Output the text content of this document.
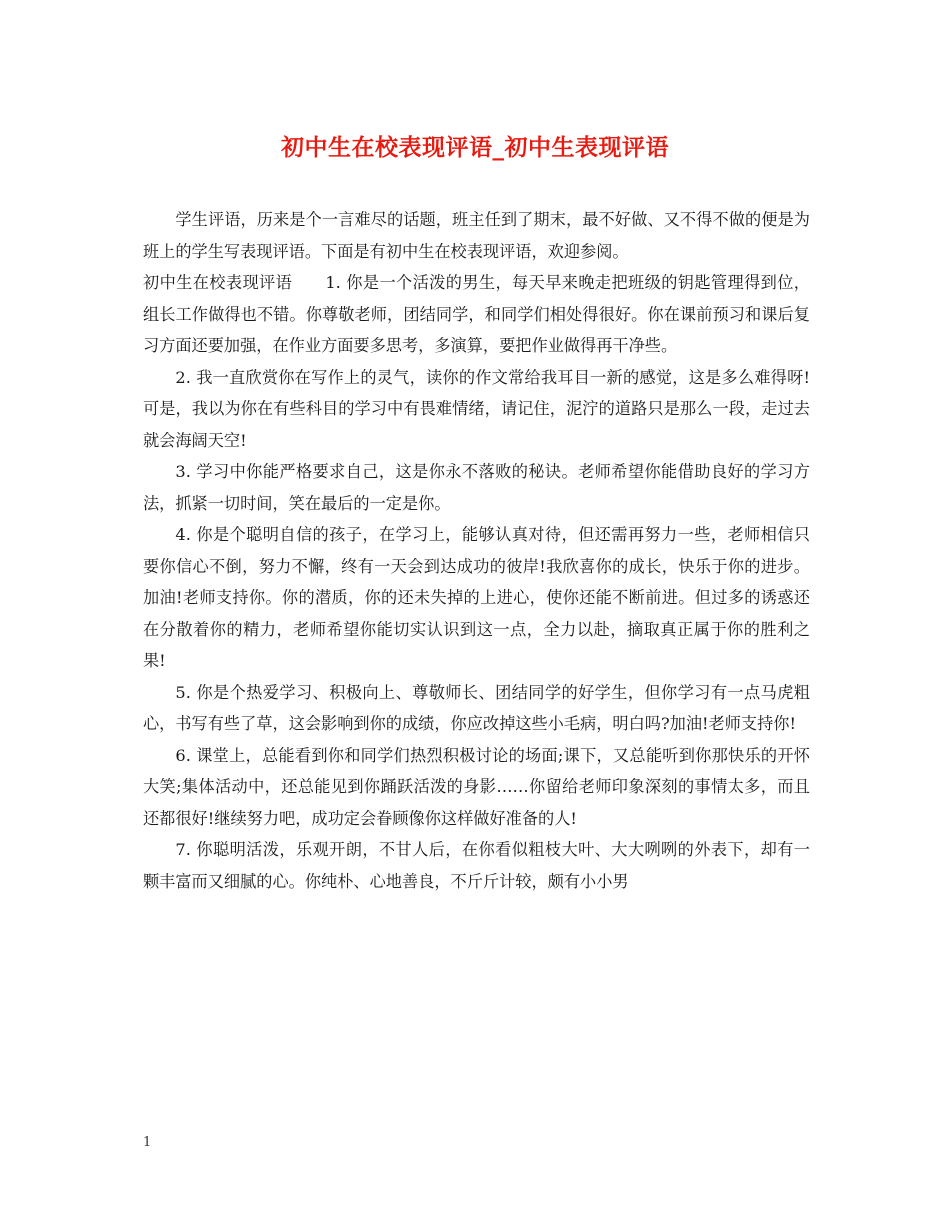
初中生在校表现评语_初中生表现评语

学生评语，历来是个一言难尽的话题，班主任到了期末，最不好做、又不得不做的便是为班上的学生写表现评语。下面是有初中生在校表现评语，欢迎参阅。

初中生在校表现评语　　1. 你是一个活泼的男生，每天早来晚走把班级的钥匙管理得到位，组长工作做得也不错。你尊敬老师，团结同学，和同学们相处得很好。你在课前预习和课后复习方面还要加强，在作业方面要多思考，多演算，要把作业做得再干净些。

2. 我一直欣赏你在写作上的灵气，读你的作文常给我耳目一新的感觉，这是多么难得呀!可是，我以为你在有些科目的学习中有畏难情绪，请记住，泥泞的道路只是那么一段，走过去就会海阔天空!

3. 学习中你能严格要求自己，这是你永不落败的秘诀。老师希望你能借助良好的学习方法，抓紧一切时间，笑在最后的一定是你。

4. 你是个聪明自信的孩子，在学习上，能够认真对待，但还需再努力一些，老师相信只要你信心不倒，努力不懈，终有一天会到达成功的彼岸!我欣喜你的成长，快乐于你的进步。加油!老师支持你。你的潜质，你的还未失掉的上进心，使你还能不断前进。但过多的诱惑还在分散着你的精力，老师希望你能切实认识到这一点，全力以赴，摘取真正属于你的胜利之果!

5. 你是个热爱学习、积极向上、尊敬师长、团结同学的好学生，但你学习有一点马虎粗心，书写有些了草，这会影响到你的成绩，你应改掉这些小毛病，明白吗?加油!老师支持你!

6. 课堂上，总能看到你和同学们热烈积极讨论的场面;课下，又总能听到你那快乐的开怀大笑;集体活动中，还总能见到你踊跃活泼的身影……你留给老师印象深刻的事情太多，而且还都很好!继续努力吧，成功定会眷顾像你这样做好准备的人!

7. 你聪明活泼，乐观开朗，不甘人后，在你看似粗枝大叶、大大咧咧的外表下，却有一颗丰富而又细腻的心。你纯朴、心地善良，不斤斤计较，颇有小小男

1
